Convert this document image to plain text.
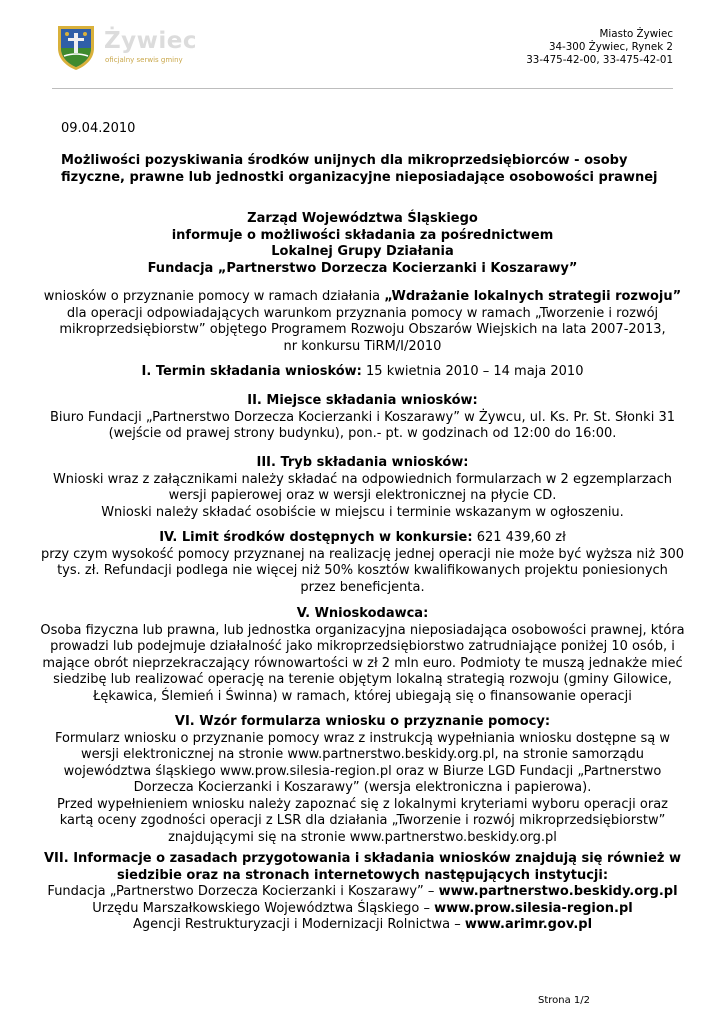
Żywiec
oficjalny serwis gminy
Miasto Żywiec
34-300 Żywiec, Rynek 2
33-475-42-00, 33-475-42-01
09.04.2010
Możliwości pozyskiwania środków unijnych dla mikroprzedsiębiorców - osoby fizyczne, prawne lub jednostki organizacyjne nieposiadające osobowości prawnej
Zarząd Województwa Śląskiego
informuje o możliwości składania za pośrednictwem
Lokalnej Grupy Działania
Fundacja „Partnerstwo Dorzecza Kocierzanki i Koszarawy”
wniosków o przyznanie pomocy w ramach działania „Wdrażanie lokalnych strategii rozwoju” dla operacji odpowiadających warunkom przyznania pomocy w ramach „Tworzenie i rozwój mikroprzedsiębiorstw” objętego Programem Rozwoju Obszarów Wiejskich na lata 2007-2013,
nr konkursu TiRM/I/2010
I. Termin składania wniosków: 15 kwietnia 2010 – 14 maja 2010
II. Miejsce składania wniosków:
Biuro Fundacji „Partnerstwo Dorzecza Kocierzanki i Koszarawy” w Żywcu, ul. Ks. Pr. St. Słonki 31 (wejście od prawej strony budynku), pon.- pt. w godzinach od 12:00 do 16:00.
III. Tryb składania wniosków:
Wnioski wraz z załącznikami należy składać na odpowiednich formularzach w 2 egzemplarzach wersji papierowej oraz w wersji elektronicznej na płycie CD.
Wnioski należy składać osobiście w miejscu i terminie wskazanym w ogłoszeniu.
IV. Limit środków dostępnych w konkursie: 621 439,60 zł
przy czym wysokość pomocy przyznanej na realizację jednej operacji nie może być wyższa niż 300 tys. zł. Refundacji podlega nie więcej niż 50% kosztów kwalifikowanych projektu poniesionych przez beneficjenta.
V. Wnioskodawca:
Osoba fizyczna lub prawna, lub jednostka organizacyjna nieposiadająca osobowości prawnej, która prowadzi lub podejmuje działalność jako mikroprzedsiębiorstwo zatrudniające poniżej 10 osób, i mające obrót nieprzekraczający równowartości w zł 2 mln euro. Podmioty te muszą jednakże mieć siedzibę lub realizować operację na terenie objętym lokalną strategią rozwoju (gminy Gilowice, Łękawica, Ślemień i Świnna) w ramach, której ubiegają się o finansowanie operacji
VI. Wzór formularza wniosku o przyznanie pomocy:
Formularz wniosku o przyznanie pomocy wraz z instrukcją wypełniania wniosku dostępne są w wersji elektronicznej na stronie www.partnerstwo.beskidy.org.pl, na stronie samorządu województwa śląskiego www.prow.silesia-region.pl oraz w Biurze LGD Fundacji „Partnerstwo Dorzecza Kocierzanki i Koszarawy” (wersja elektroniczna i papierowa).
Przed wypełnieniem wniosku należy zapoznać się z lokalnymi kryteriami wyboru operacji oraz kartą oceny zgodności operacji z LSR dla działania „Tworzenie i rozwój mikroprzedsiębiorstw” znajdującymi się na stronie www.partnerstwo.beskidy.org.pl
VII. Informacje o zasadach przygotowania i składania wniosków znajdują się również w siedzibie oraz na stronach internetowych następujących instytucji:
Fundacja „Partnerstwo Dorzecza Kocierzanki i Koszarawy” – www.partnerstwo.beskidy.org.pl
Urzędu Marszałkowskiego Województwa Śląskiego – www.prow.silesia-region.pl
Agencji Restrukturyzacji i Modernizacji Rolnictwa – www.arimr.gov.pl
Strona 1/2
